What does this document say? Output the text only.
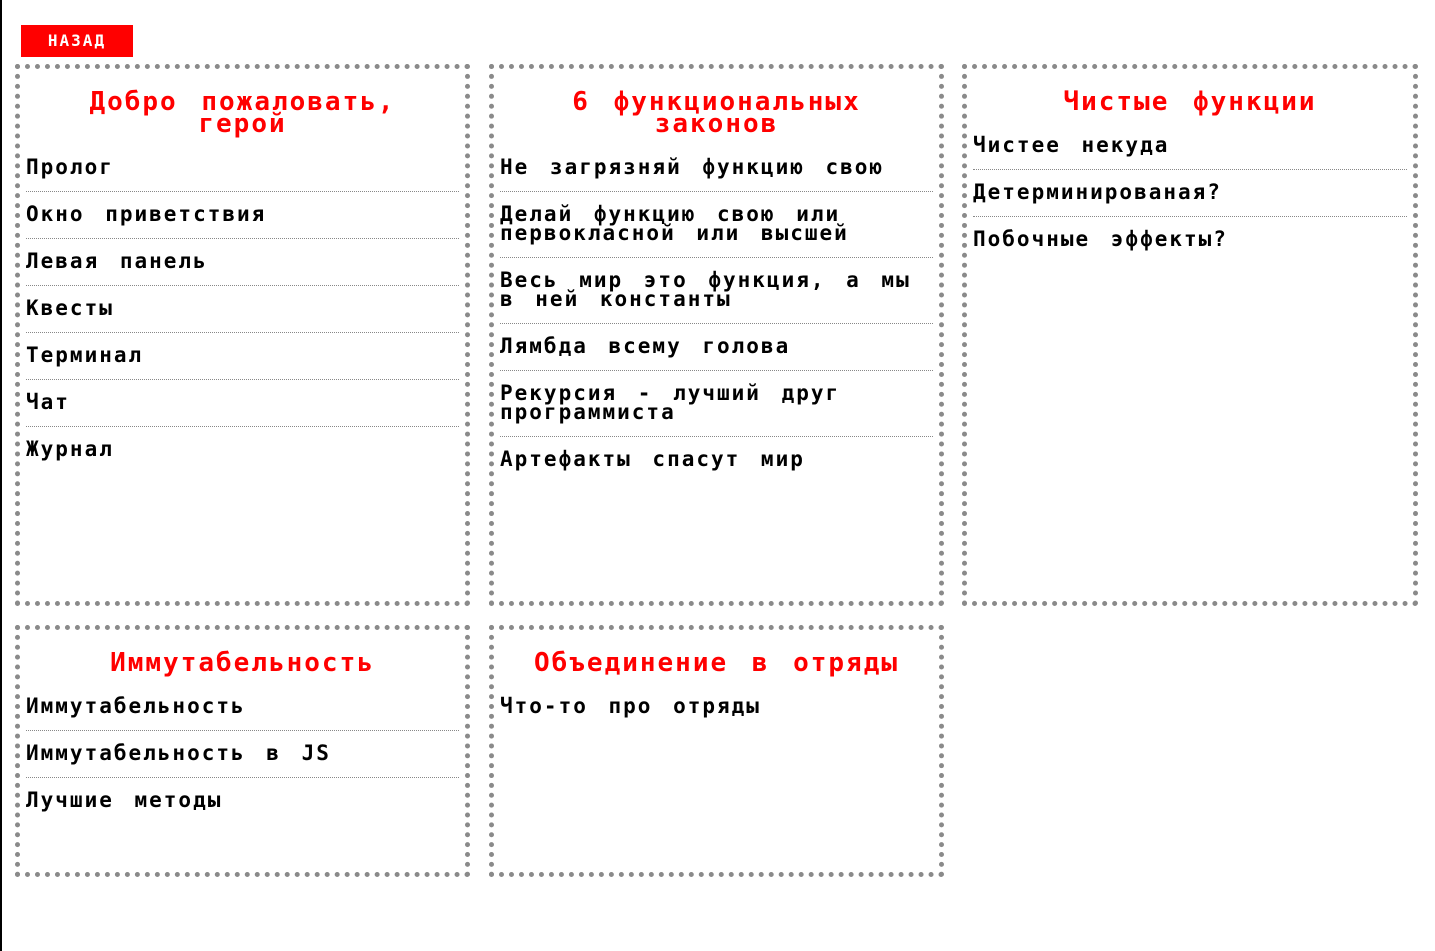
НАЗАД
Добро пожаловать, герой
Пролог
Окно приветствия
Левая панель
Квесты
Терминал
Чат
Журнал
6 функциональных законов
Не загрязняй функцию свою
Делай функцию свою или первокласной или высшей
Весь мир это функция, а мы в ней константы
Лямбда всему голова
Рекурсия - лучший друг программиста
Артефакты спасут мир
Чистые функции
Чистее некуда
Детерминированая?
Побочные эффекты?
Иммутабельность
Иммутабельность
Иммутабельность в JS
Лучшие методы
Объединение в отряды
Что-то про отряды
